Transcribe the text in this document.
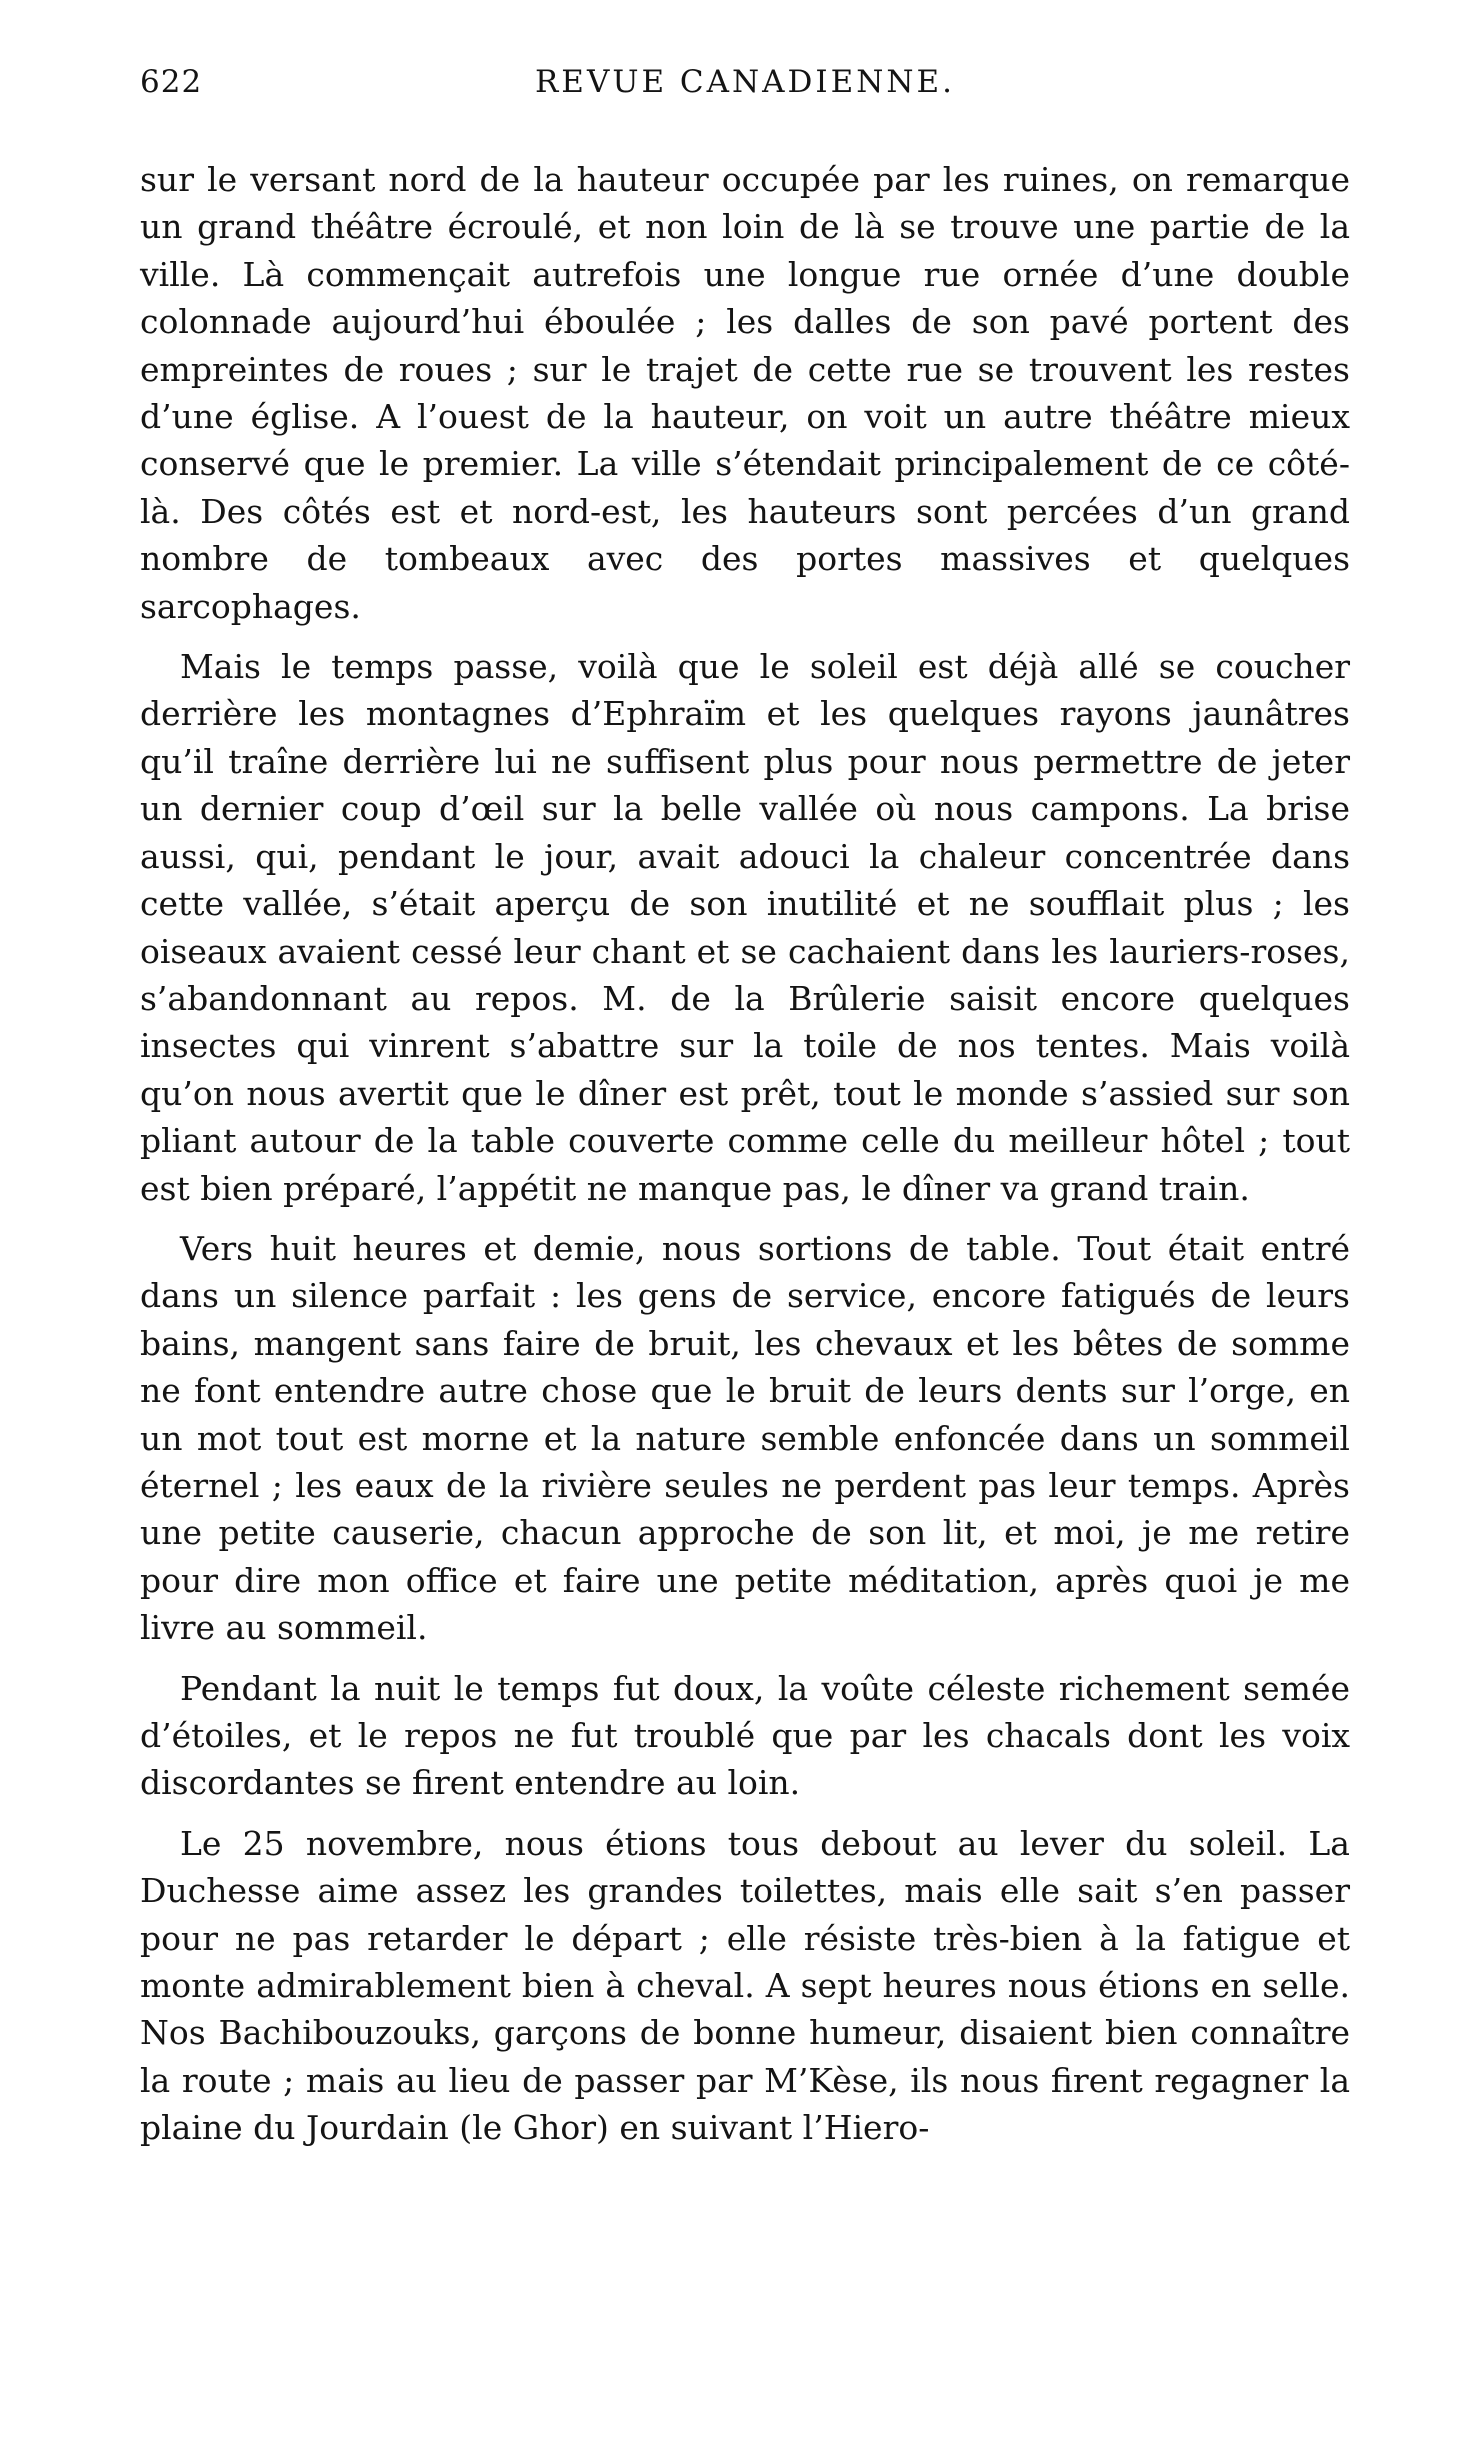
622	REVUE CANADIENNE.

sur le versant nord de la hauteur occupée par les ruines, on remarque un grand théâtre écroulé, et non loin de là se trouve une partie de la ville. Là commençait autrefois une longue rue ornée d’une double colonnade aujourd’hui éboulée ; les dalles de son pavé portent des empreintes de roues ; sur le trajet de cette rue se trouvent les restes d’une église. A l’ouest de la hauteur, on voit un autre théâtre mieux conservé que le premier. La ville s’étendait principalement de ce côté-là. Des côtés est et nord-est, les hauteurs sont percées d’un grand nombre de tombeaux avec des portes massives et quelques sarcophages.

Mais le temps passe, voilà que le soleil est déjà allé se coucher derrière les montagnes d’Ephraïm et les quelques rayons jaunâtres qu’il traîne derrière lui ne suffisent plus pour nous permettre de jeter un dernier coup d’œil sur la belle vallée où nous campons. La brise aussi, qui, pendant le jour, avait adouci la chaleur concentrée dans cette vallée, s’était aperçu de son inutilité et ne soufflait plus ; les oiseaux avaient cessé leur chant et se cachaient dans les lauriers-roses, s’abandonnant au repos. M. de la Brûlerie saisit encore quelques insectes qui vinrent s’abattre sur la toile de nos tentes. Mais voilà qu’on nous avertit que le dîner est prêt, tout le monde s’assied sur son pliant autour de la table couverte comme celle du meilleur hôtel ; tout est bien préparé, l’appétit ne manque pas, le dîner va grand train.

Vers huit heures et demie, nous sortions de table. Tout était entré dans un silence parfait : les gens de service, encore fatigués de leurs bains, mangent sans faire de bruit, les chevaux et les bêtes de somme ne font entendre autre chose que le bruit de leurs dents sur l’orge, en un mot tout est morne et la nature semble enfoncée dans un sommeil éternel ; les eaux de la rivière seules ne perdent pas leur temps. Après une petite causerie, chacun approche de son lit, et moi, je me retire pour dire mon office et faire une petite méditation, après quoi je me livre au sommeil.

Pendant la nuit le temps fut doux, la voûte céleste richement semée d’étoiles, et le repos ne fut troublé que par les chacals dont les voix discordantes se firent entendre au loin.

Le 25 novembre, nous étions tous debout au lever du soleil. La Duchesse aime assez les grandes toilettes, mais elle sait s’en passer pour ne pas retarder le départ ; elle résiste très-bien à la fatigue et monte admirablement bien à cheval. A sept heures nous étions en selle. Nos Bachibouzouks, garçons de bonne humeur, disaient bien connaître la route ; mais au lieu de passer par M’Kèse, ils nous firent regagner la plaine du Jourdain (le Ghor) en suivant l’Hiero-
